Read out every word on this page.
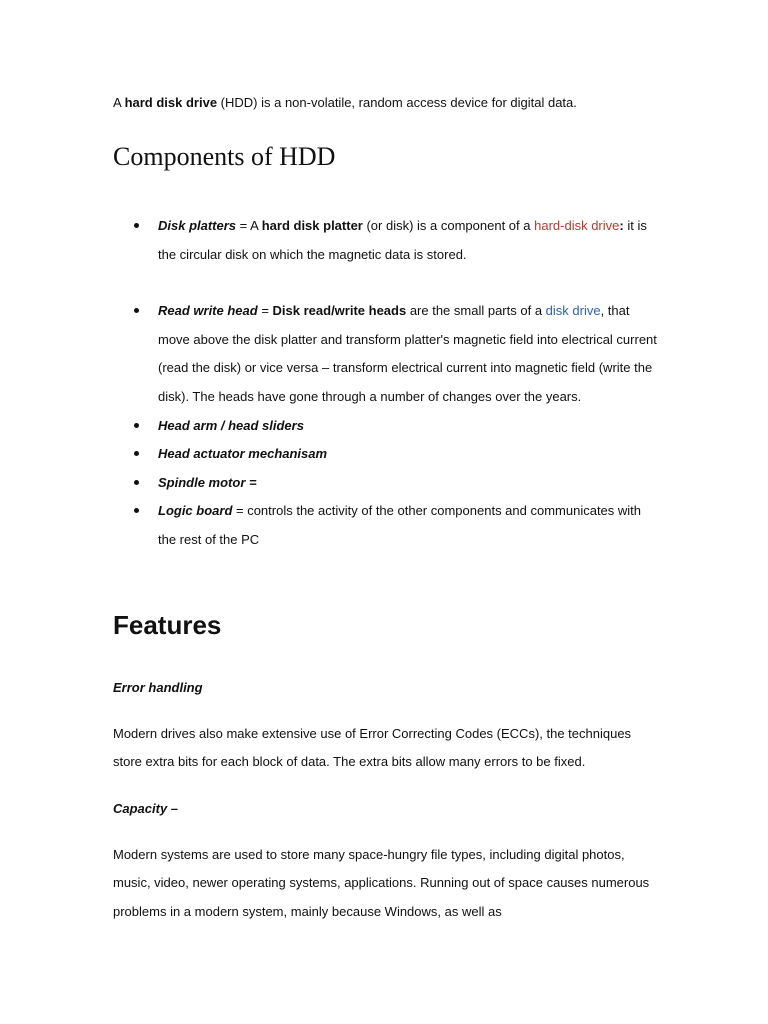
A hard disk drive (HDD) is a non-volatile, random access device for digital data.

Components of HDD
Disk platters = A hard disk platter (or disk) is a component of a hard-disk drive: it is the circular disk on which the magnetic data is stored.
Read write head = Disk read/write heads are the small parts of a disk drive, that move above the disk platter and transform platter's magnetic field into electrical current (read the disk) or vice versa – transform electrical current into magnetic field (write the disk). The heads have gone through a number of changes over the years.
Head arm / head sliders
Head actuator mechanisam
Spindle motor =
Logic board = controls the activity of the other components and communicates with the rest of the PC
Features
Error handling

Modern drives also make extensive use of Error Correcting Codes (ECCs), the techniques store extra bits for each block of data. The extra bits allow many errors to be fixed.

Capacity –

Modern systems are used to store many space-hungry file types, including digital photos, music, video, newer operating systems, applications. Running out of space causes numerous problems in a modern system, mainly because Windows, as well as
